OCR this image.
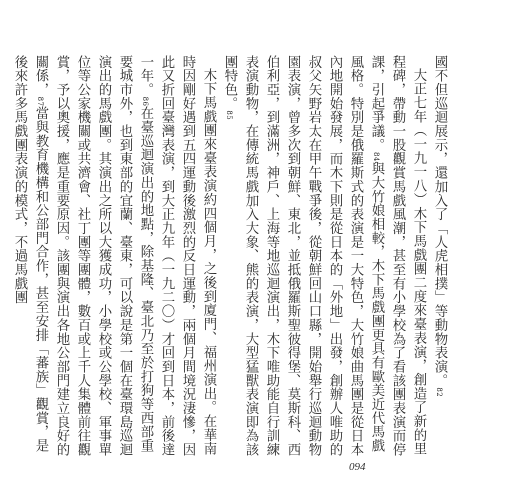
國不但巡迴展示，還加入了「人虎相撲」等動物表演。82

大正七年（一九一八）木下馬戲團二度來臺表演，創造了新的里程碑，帶動一股觀賞馬戲風潮，甚至有小學校為了看該團表演而停課，引起爭議。84與大竹娘相較，木下馬戲團更具有歐美近代馬戲風格。特別是俄羅斯式的表演是一大特色，大竹娘曲馬團是從日本內地開始發展，而木下則是從日本的「外地」出發，創辦人唯助的叔父矢野岩太在甲午戰爭後，從朝鮮回山口縣，開始舉行巡迴動物園表演，曾多次到朝鮮、東北，並抵俄羅斯聖彼得堡、莫斯科、西伯利亞，到滿洲，神戶、上海等地巡迴演出，木下唯助能自行訓練表演動物，在傳統馬戲加入大象、熊的表演，大型猛獸表演即為該團特色。85

木下馬戲團來臺表演約四個月，之後到廈門、福州演出。在華南時因剛好遇到五四運動後激烈的反日運動，兩個月間境況淒慘，因此又折回臺灣表演，到大正九年（一九二〇）才回到日本，前後達一年。86在臺巡迴演出的地點，除基隆、臺北乃至於打狗等西部重要城市外，也到東部的宜蘭、臺東，可以說是第一個在臺環島巡迴演出的馬戲團。其演出之所以大獲成功，小學校或公學校、軍事單位等公家機關或共濟會、社丁團等團體，數百或上千人集體前往觀賞，予以奧援，應是重要原因。該團與演出各地公部門建立良好的關係，87當與教育機構和公部門合作，甚至安排「蕃族」觀賞，是後來許多馬戲團表演的模式，不過馬戲團

094
